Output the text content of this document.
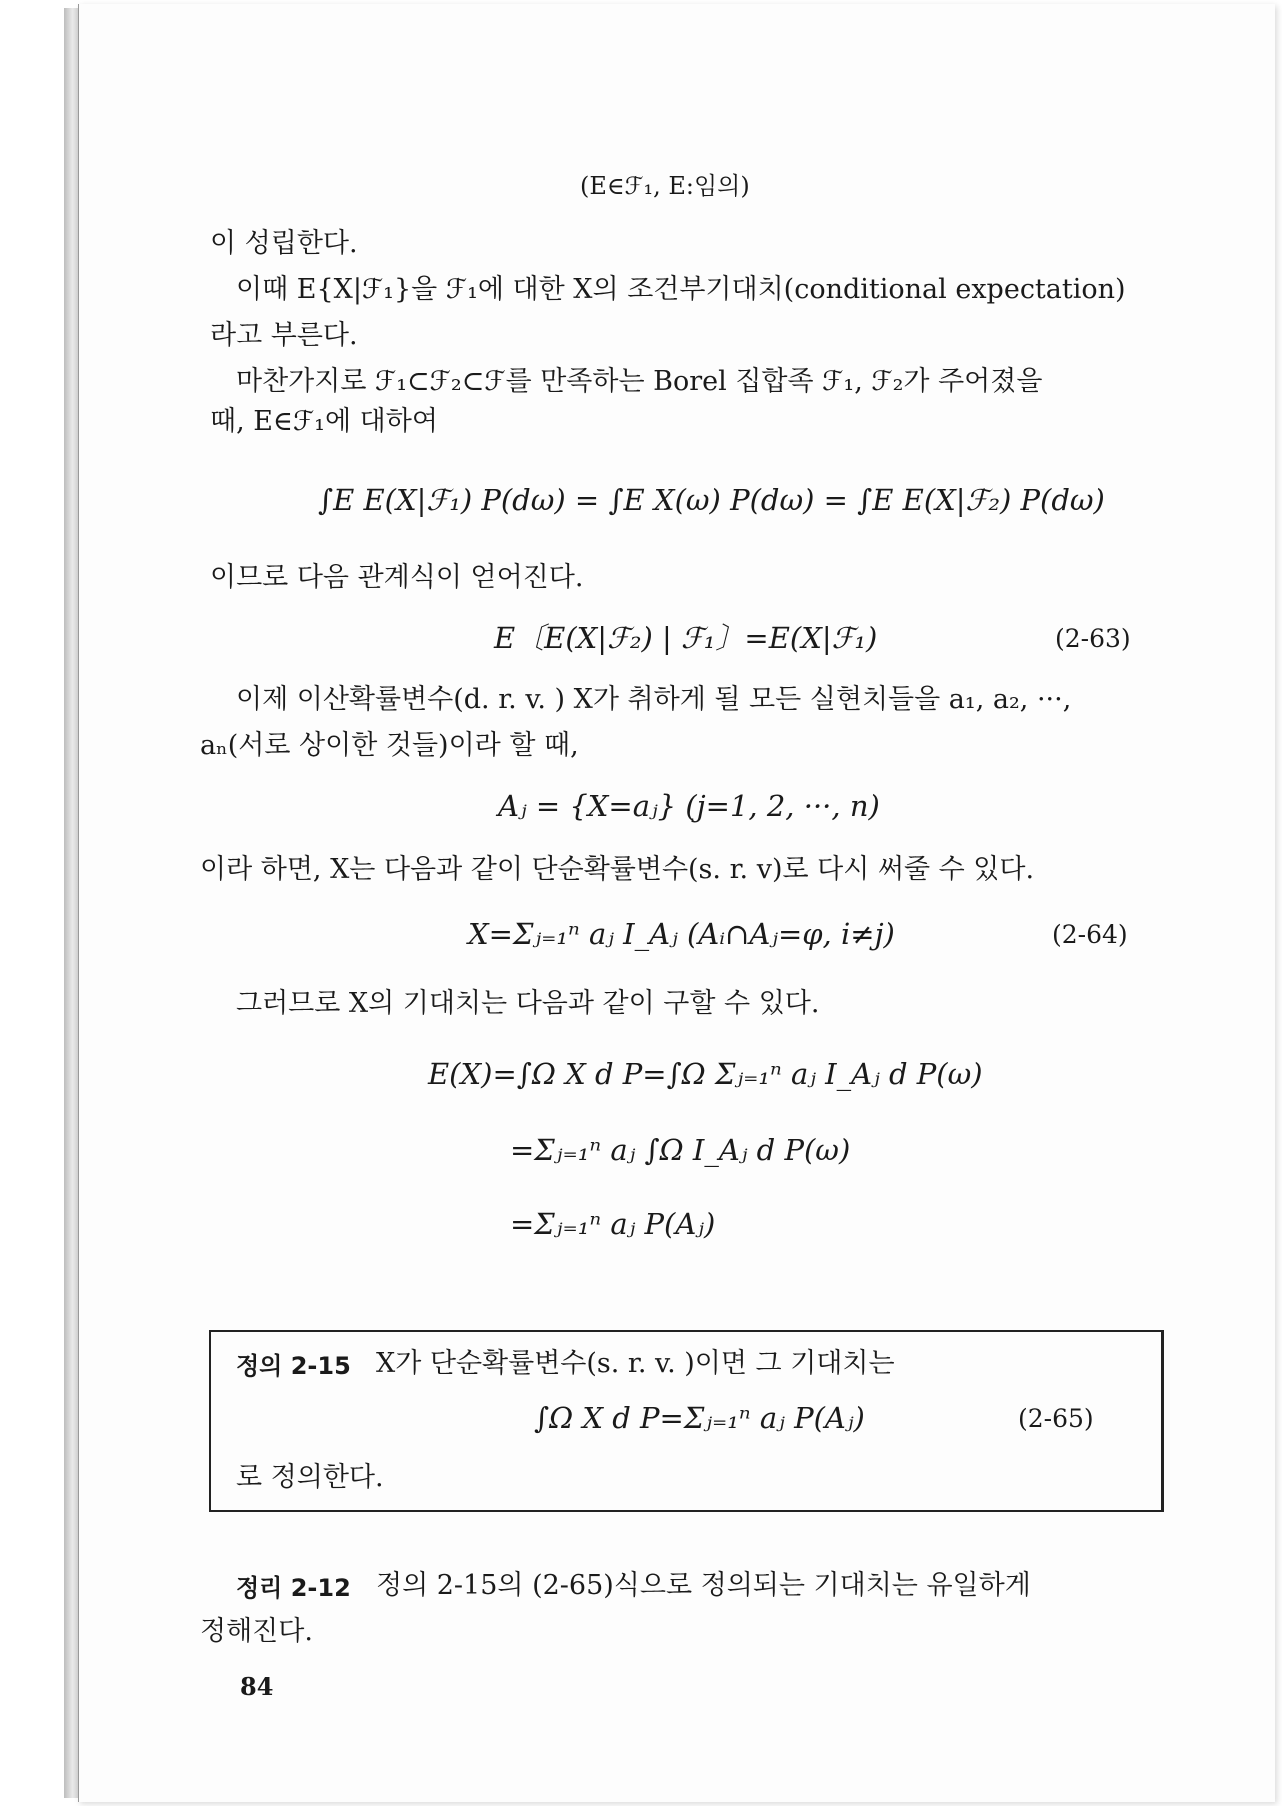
(E∈ℱ₁, E:임의)
이 성립한다.
이때 E{X|ℱ₁}을 ℱ₁에 대한 X의 조건부기대치(conditional expectation)
라고 부른다.
마찬가지로 ℱ₁⊂ℱ₂⊂ℱ를 만족하는 Borel 집합족 ℱ₁, ℱ₂가 주어졌을
때, E∈ℱ₁에 대하여
∫E E(X|ℱ₁) P(dω) = ∫E X(ω) P(dω) = ∫E E(X|ℱ₂) P(dω)
이므로 다음 관계식이 얻어진다.
E〔E(X|ℱ₂) | ℱ₁〕=E(X|ℱ₁)	(2-63)
이제 이산확률변수(d. r. v. ) X가 취하게 될 모든 실현치들을 a₁, a₂, ···,
aₙ(서로 상이한 것들)이라 할 때,
Aⱼ = {X=aⱼ} (j=1, 2, ···, n)
이라 하면, X는 다음과 같이 단순확률변수(s. r. v)로 다시 써줄 수 있다.
X=Σⱼ₌₁ⁿ aⱼ I_Aⱼ (Aᵢ∩Aⱼ=φ, i≠j)	(2-64)
그러므로 X의 기대치는 다음과 같이 구할 수 있다.
E(X)=∫Ω X d P=∫Ω Σⱼ₌₁ⁿ aⱼ I_Aⱼ d P(ω)
=Σⱼ₌₁ⁿ aⱼ ∫Ω I_Aⱼ d P(ω)
=Σⱼ₌₁ⁿ aⱼ P(Aⱼ)
정의 2-15 X가 단순확률변수(s. r. v. )이면 그 기대치는
∫Ω X d P=Σⱼ₌₁ⁿ aⱼ P(Aⱼ)	(2-65)
로 정의한다.
정리 2-12 정의 2-15의 (2-65)식으로 정의되는 기대치는 유일하게
정해진다.
84
